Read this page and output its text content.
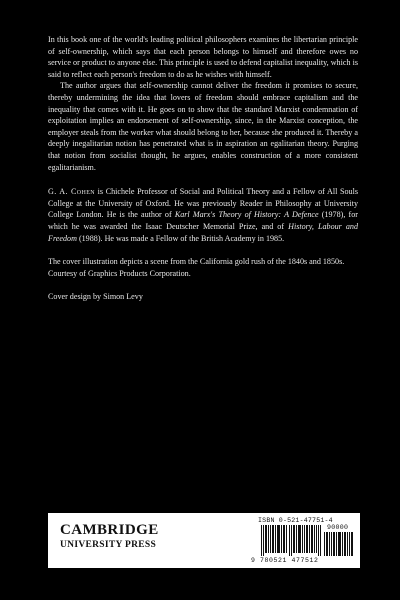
In this book one of the world's leading political philosophers examines the libertarian principle of self-ownership, which says that each person belongs to himself and therefore owes no service or product to anyone else. This principle is used to defend capitalist inequality, which is said to reflect each person's freedom to do as he wishes with himself.

The author argues that self-ownership cannot deliver the freedom it promises to secure, thereby undermining the idea that lovers of freedom should embrace capitalism and the inequality that comes with it. He goes on to show that the standard Marxist condemnation of exploitation implies an endorsement of self-ownership, since, in the Marxist conception, the employer steals from the worker what should belong to her, because she produced it. Thereby a deeply inegalitarian notion has penetrated what is in aspiration an egalitarian theory. Purging that notion from socialist thought, he argues, enables construction of a more consistent egalitarianism.

G. A. Cohen is Chichele Professor of Social and Political Theory and a Fellow of All Souls College at the University of Oxford. He was previously Reader in Philosophy at University College London. He is the author of Karl Marx's Theory of History: A Defence (1978), for which he was awarded the Isaac Deutscher Memorial Prize, and of History, Labour and Freedom (1988). He was made a Fellow of the British Academy in 1985.

The cover illustration depicts a scene from the California gold rush of the 1840s and 1850s. Courtesy of Graphics Products Corporation.

Cover design by Simon Levy

CAMBRIDGE
UNIVERSITY PRESS
ISBN 0-521-47751-4
90000
9 780521 477512
